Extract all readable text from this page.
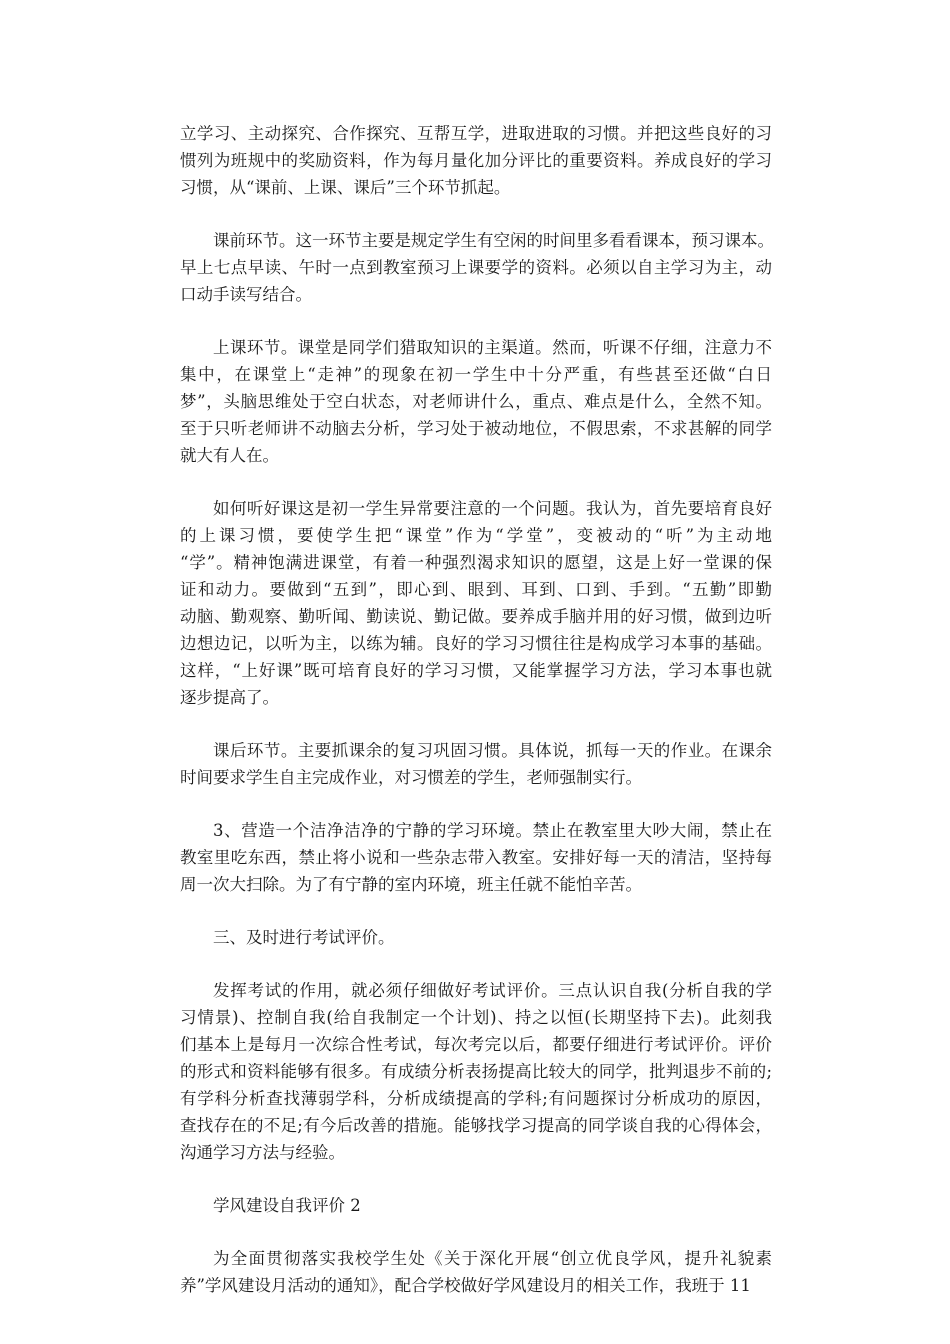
立学习、主动探究、合作探究、互帮互学，进取进取的习惯。并把这些良好的习
惯列为班规中的奖励资料，作为每月量化加分评比的重要资料。养成良好的学习
习惯，从“课前、上课、课后”三个环节抓起。

课前环节。这一环节主要是规定学生有空闲的时间里多看看课本，预习课本。
早上七点早读、午时一点到教室预习上课要学的资料。必须以自主学习为主，动
口动手读写结合。

上课环节。课堂是同学们猎取知识的主渠道。然而，听课不仔细，注意力不
集中，在课堂上“走神”的现象在初一学生中十分严重，有些甚至还做“白日
梦”，头脑思维处于空白状态，对老师讲什么，重点、难点是什么，全然不知。
至于只听老师讲不动脑去分析，学习处于被动地位，不假思索，不求甚解的同学
就大有人在。

如何听好课这是初一学生异常要注意的一个问题。我认为，首先要培育良好
的上课习惯，要使学生把“课堂”作为“学堂”，变被动的“听”为主动地
“学”。精神饱满进课堂，有着一种强烈渴求知识的愿望，这是上好一堂课的保
证和动力。要做到“五到”，即心到、眼到、耳到、口到、手到。“五勤”即勤
动脑、勤观察、勤听闻、勤读说、勤记做。要养成手脑并用的好习惯，做到边听
边想边记，以听为主，以练为辅。良好的学习习惯往往是构成学习本事的基础。
这样，“上好课”既可培育良好的学习习惯，又能掌握学习方法，学习本事也就
逐步提高了。

课后环节。主要抓课余的复习巩固习惯。具体说，抓每一天的作业。在课余
时间要求学生自主完成作业，对习惯差的学生，老师强制实行。

3、营造一个洁净洁净的宁静的学习环境。禁止在教室里大吵大闹，禁止在
教室里吃东西，禁止将小说和一些杂志带入教室。安排好每一天的清洁，坚持每
周一次大扫除。为了有宁静的室内环境，班主任就不能怕辛苦。

三、及时进行考试评价。

发挥考试的作用，就必须仔细做好考试评价。三点认识自我(分析自我的学
习情景)、控制自我(给自我制定一个计划)、持之以恒(长期坚持下去)。此刻我
们基本上是每月一次综合性考试，每次考完以后，都要仔细进行考试评价。评价
的形式和资料能够有很多。有成绩分析表扬提高比较大的同学，批判退步不前的;
有学科分析查找薄弱学科，分析成绩提高的学科;有问题探讨分析成功的原因，
查找存在的不足;有今后改善的措施。能够找学习提高的同学谈自我的心得体会，
沟通学习方法与经验。

学风建设自我评价 2

为全面贯彻落实我校学生处《关于深化开展“创立优良学风，提升礼貌素
养”学风建设月活动的通知》，配合学校做好学风建设月的相关工作，我班于 11
